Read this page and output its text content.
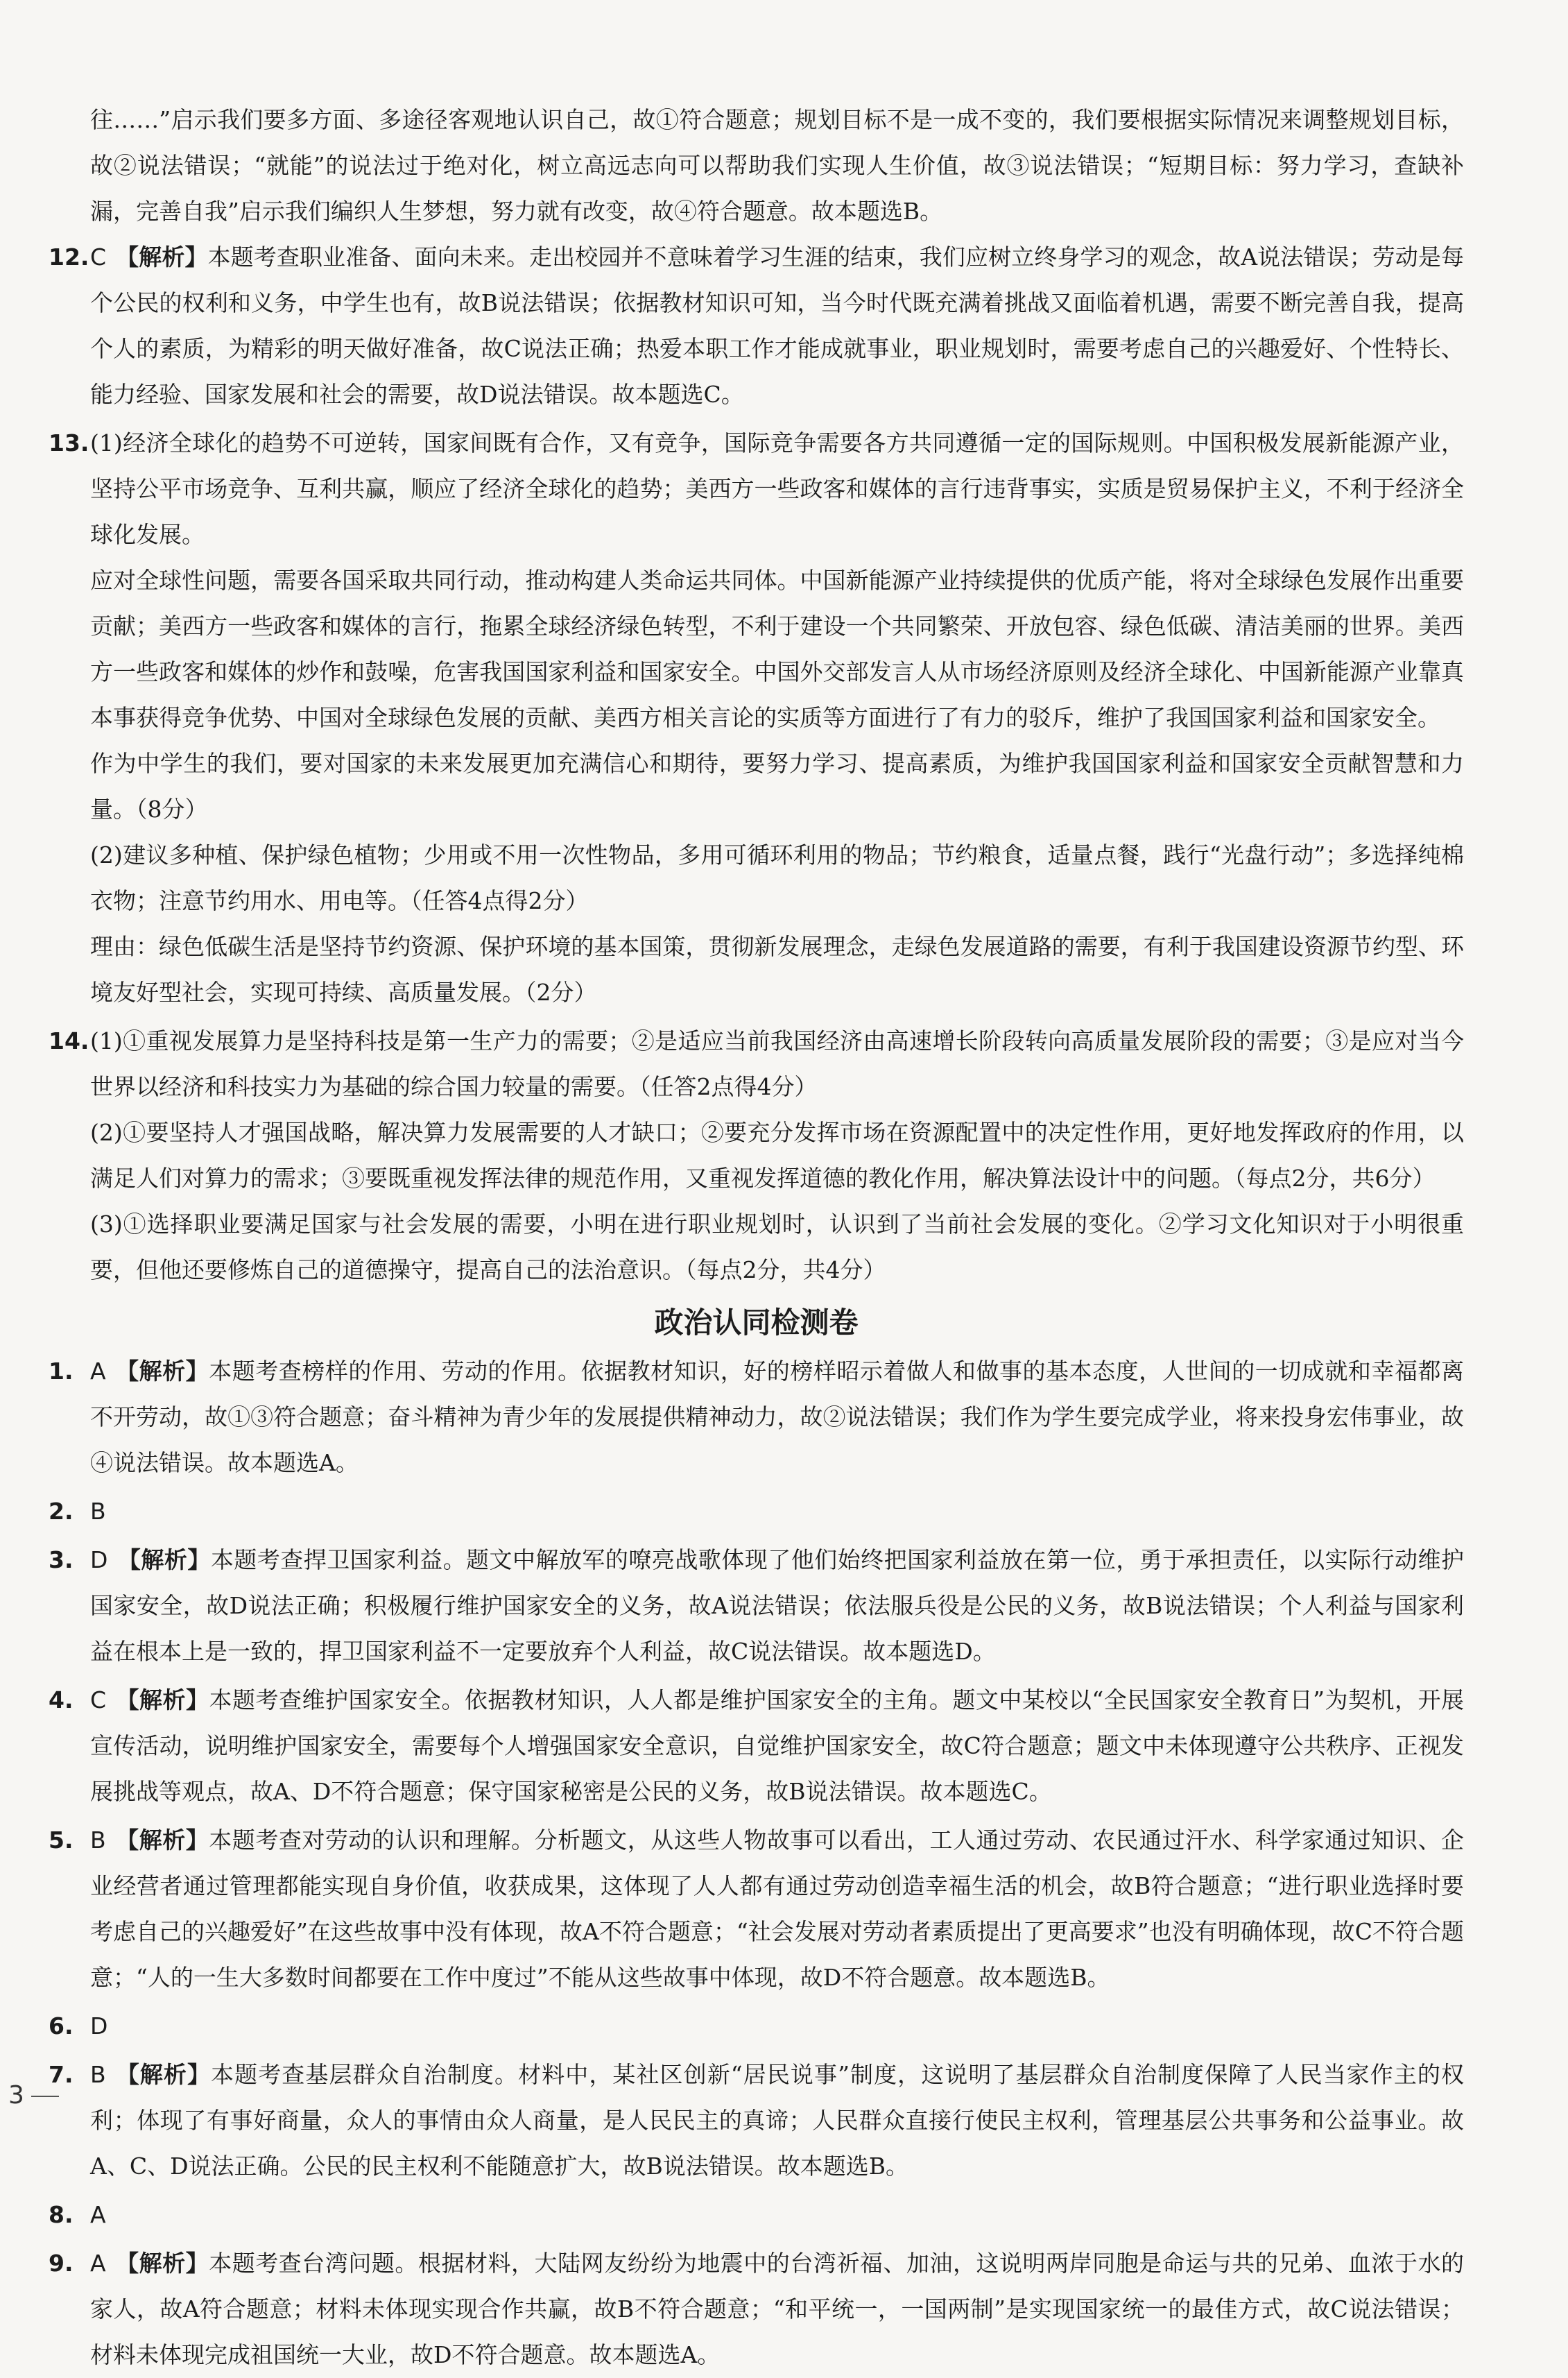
往……”启示我们要多方面、多途径客观地认识自己，故①符合题意；规划目标不是一成不变的，我们要根据实际情况来调整规划目标，故②说法错误；“就能”的说法过于绝对化，树立高远志向可以帮助我们实现人生价值，故③说法错误；“短期目标：努力学习，查缺补漏，完善自我”启示我们编织人生梦想，努力就有改变，故④符合题意。故本题选B。
12. C 【解析】本题考查职业准备、面向未来。走出校园并不意味着学习生涯的结束，我们应树立终身学习的观念，故A说法错误；劳动是每个公民的权利和义务，中学生也有，故B说法错误；依据教材知识可知，当今时代既充满着挑战又面临着机遇，需要不断完善自我，提高个人的素质，为精彩的明天做好准备，故C说法正确；热爱本职工作才能成就事业，职业规划时，需要考虑自己的兴趣爱好、个性特长、能力经验、国家发展和社会的需要，故D说法错误。故本题选C。
13. (1)经济全球化的趋势不可逆转，国家间既有合作，又有竞争，国际竞争需要各方共同遵循一定的国际规则。中国积极发展新能源产业，坚持公平市场竞争、互利共赢，顺应了经济全球化的趋势；美西方一些政客和媒体的言行违背事实，实质是贸易保护主义，不利于经济全球化发展。
应对全球性问题，需要各国采取共同行动，推动构建人类命运共同体。中国新能源产业持续提供的优质产能，将对全球绿色发展作出重要贡献；美西方一些政客和媒体的言行，拖累全球经济绿色转型，不利于建设一个共同繁荣、开放包容、绿色低碳、清洁美丽的世界。美西方一些政客和媒体的炒作和鼓噪，危害我国国家利益和国家安全。中国外交部发言人从市场经济原则及经济全球化、中国新能源产业靠真本事获得竞争优势、中国对全球绿色发展的贡献、美西方相关言论的实质等方面进行了有力的驳斥，维护了我国国家利益和国家安全。
作为中学生的我们，要对国家的未来发展更加充满信心和期待，要努力学习、提高素质，为维护我国国家利益和国家安全贡献智慧和力量。（8分）
(2)建议多种植、保护绿色植物；少用或不用一次性物品，多用可循环利用的物品；节约粮食，适量点餐，践行“光盘行动”；多选择纯棉衣物；注意节约用水、用电等。（任答4点得2分）
理由：绿色低碳生活是坚持节约资源、保护环境的基本国策，贯彻新发展理念，走绿色发展道路的需要，有利于我国建设资源节约型、环境友好型社会，实现可持续、高质量发展。（2分）
14. (1)①重视发展算力是坚持科技是第一生产力的需要；②是适应当前我国经济由高速增长阶段转向高质量发展阶段的需要；③是应对当今世界以经济和科技实力为基础的综合国力较量的需要。（任答2点得4分）
(2)①要坚持人才强国战略，解决算力发展需要的人才缺口；②要充分发挥市场在资源配置中的决定性作用，更好地发挥政府的作用，以满足人们对算力的需求；③要既重视发挥法律的规范作用，又重视发挥道德的教化作用，解决算法设计中的问题。（每点2分，共6分）
(3)①选择职业要满足国家与社会发展的需要，小明在进行职业规划时，认识到了当前社会发展的变化。②学习文化知识对于小明很重要，但他还要修炼自己的道德操守，提高自己的法治意识。（每点2分，共4分）
政治认同检测卷
1. A 【解析】本题考查榜样的作用、劳动的作用。依据教材知识，好的榜样昭示着做人和做事的基本态度，人世间的一切成就和幸福都离不开劳动，故①③符合题意；奋斗精神为青少年的发展提供精神动力，故②说法错误；我们作为学生要完成学业，将来投身宏伟事业，故④说法错误。故本题选A。
2. B
3. D 【解析】本题考查捍卫国家利益。题文中解放军的嘹亮战歌体现了他们始终把国家利益放在第一位，勇于承担责任，以实际行动维护国家安全，故D说法正确；积极履行维护国家安全的义务，故A说法错误；依法服兵役是公民的义务，故B说法错误；个人利益与国家利益在根本上是一致的，捍卫国家利益不一定要放弃个人利益，故C说法错误。故本题选D。
4. C 【解析】本题考查维护国家安全。依据教材知识，人人都是维护国家安全的主角。题文中某校以“全民国家安全教育日”为契机，开展宣传活动，说明维护国家安全，需要每个人增强国家安全意识，自觉维护国家安全，故C符合题意；题文中未体现遵守公共秩序、正视发展挑战等观点，故A、D不符合题意；保守国家秘密是公民的义务，故B说法错误。故本题选C。
5. B 【解析】本题考查对劳动的认识和理解。分析题文，从这些人物故事可以看出，工人通过劳动、农民通过汗水、科学家通过知识、企业经营者通过管理都能实现自身价值，收获成果，这体现了人人都有通过劳动创造幸福生活的机会，故B符合题意；“进行职业选择时要考虑自己的兴趣爱好”在这些故事中没有体现，故A不符合题意；“社会发展对劳动者素质提出了更高要求”也没有明确体现，故C不符合题意；“人的一生大多数时间都要在工作中度过”不能从这些故事中体现，故D不符合题意。故本题选B。
6. D
7. B 【解析】本题考查基层群众自治制度。材料中，某社区创新“居民说事”制度，这说明了基层群众自治制度保障了人民当家作主的权利；体现了有事好商量，众人的事情由众人商量，是人民民主的真谛；人民群众直接行使民主权利，管理基层公共事务和公益事业。故A、C、D说法正确。公民的民主权利不能随意扩大，故B说法错误。故本题选B。
8. A
9. A 【解析】本题考查台湾问题。根据材料，大陆网友纷纷为地震中的台湾祈福、加油，这说明两岸同胞是命运与共的兄弟、血浓于水的家人，故A符合题意；材料未体现实现合作共赢，故B不符合题意；“和平统一，一国两制”是实现国家统一的最佳方式，故C说法错误；材料未体现完成祖国统一大业，故D不符合题意。故本题选A。
3
